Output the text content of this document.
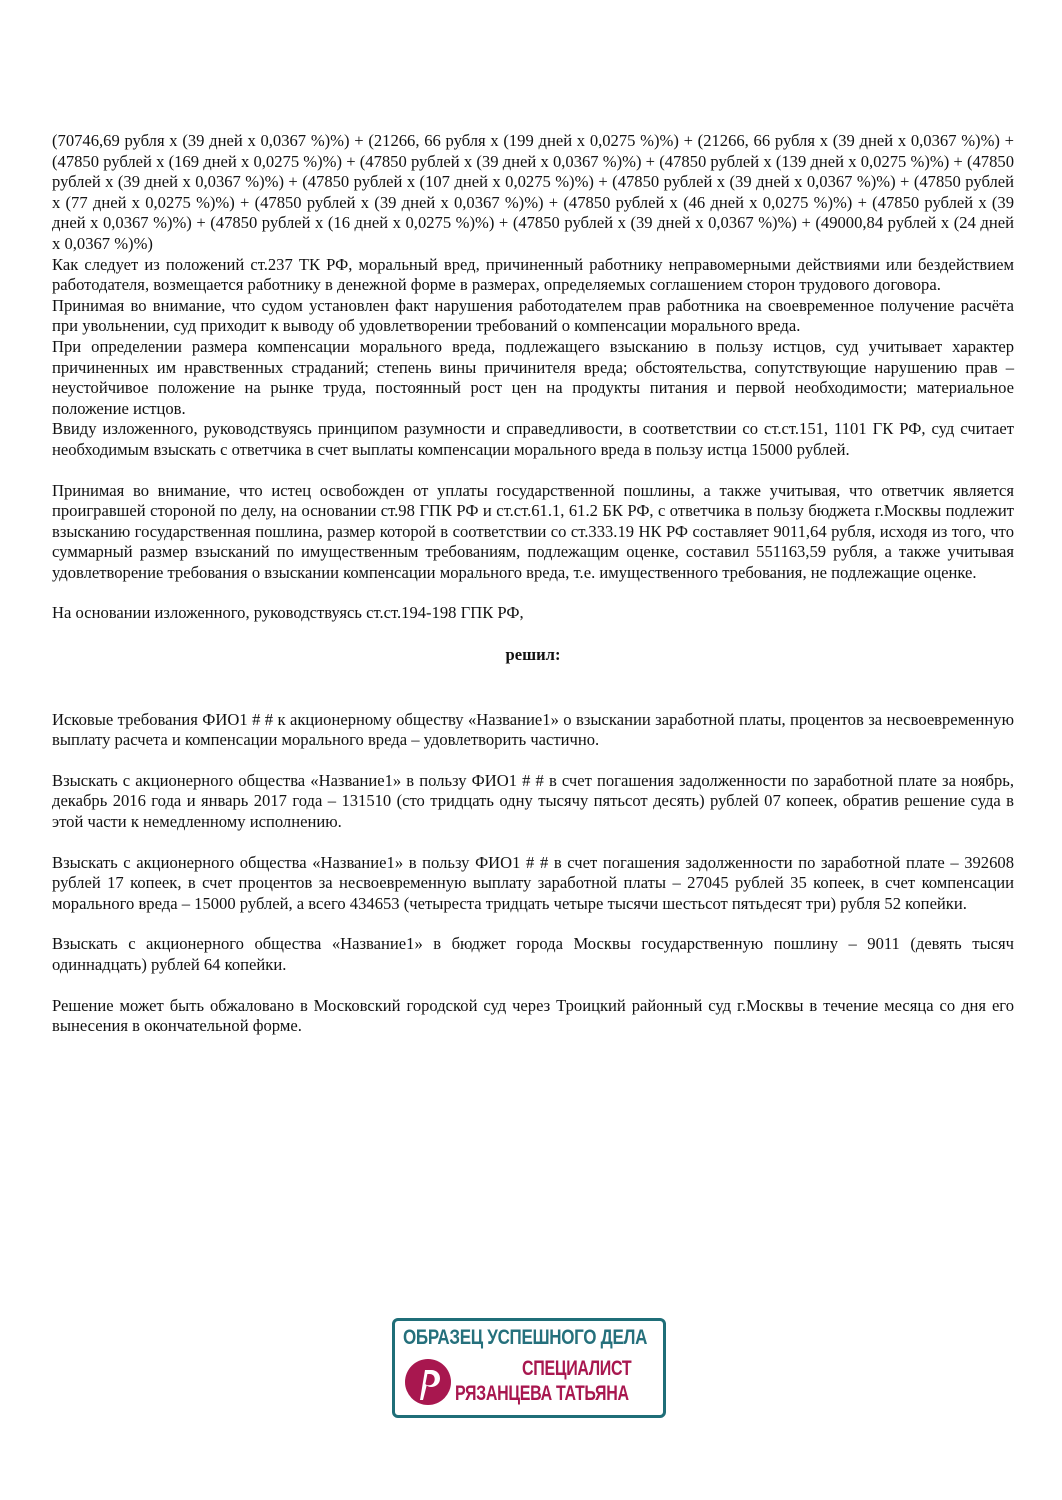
(70746,69 рубля х (39 дней х 0,0367 %)%) + (21266, 66 рубля х (199 дней х 0,0275 %)%) + (21266, 66 рубля х (39 дней х 0,0367 %)%) + (47850 рублей х (169 дней х 0,0275 %)%) + (47850 рублей х (39 дней х 0,0367 %)%) + (47850 рублей х (139 дней х 0,0275 %)%) + (47850 рублей х (39 дней х 0,0367 %)%) + (47850 рублей х (107 дней х 0,0275 %)%) + (47850 рублей х (39 дней х 0,0367 %)%) + (47850 рублей х (77 дней х 0,0275 %)%) + (47850 рублей х (39 дней х 0,0367 %)%) + (47850 рублей х (46 дней х 0,0275 %)%) + (47850 рублей х (39 дней х 0,0367 %)%) + (47850 рублей х (16 дней х 0,0275 %)%) + (47850 рублей х (39 дней х 0,0367 %)%) + (49000,84 рублей х (24 дней х 0,0367 %)%)

Как следует из положений ст.237 ТК РФ, моральный вред, причиненный работнику неправомерными действиями или бездействием работодателя, возмещается работнику в денежной форме в размерах, определяемых соглашением сторон трудового договора.

Принимая во внимание, что судом установлен факт нарушения работодателем прав работника на своевременное получение расчёта при увольнении, суд приходит к выводу об удовлетворении требований о компенсации морального вреда.

При определении размера компенсации морального вреда, подлежащего взысканию в пользу истцов, суд учитывает характер причиненных им нравственных страданий; степень вины причинителя вреда; обстоятельства, сопутствующие нарушению прав – неустойчивое положение на рынке труда, постоянный рост цен на продукты питания и первой необходимости; материальное положение истцов.

Ввиду изложенного, руководствуясь принципом разумности и справедливости, в соответствии со ст.ст.151, 1101 ГК РФ, суд считает необходимым взыскать с ответчика в счет выплаты компенсации морального вреда в пользу истца 15000 рублей.

Принимая во внимание, что истец освобожден от уплаты государственной пошлины, а также учитывая, что ответчик является проигравшей стороной по делу, на основании ст.98 ГПК РФ и ст.ст.61.1, 61.2 БК РФ, с ответчика в пользу бюджета г.Москвы подлежит взысканию государственная пошлина, размер которой в соответствии со ст.333.19 НК РФ составляет 9011,64 рубля, исходя из того, что суммарный размер взысканий по имущественным требованиям, подлежащим оценке, составил 551163,59 рубля, а также учитывая удовлетворение требования о взыскании компенсации морального вреда, т.е. имущественного требования, не подлежащие оценке.

На основании изложенного, руководствуясь ст.ст.194-198 ГПК РФ,

решил:

Исковые требования ФИО1 # # к акционерному обществу «Название1» о взыскании заработной платы, процентов за несвоевременную выплату расчета и компенсации морального вреда – удовлетворить частично.

Взыскать с акционерного общества «Название1» в пользу ФИО1 # # в счет погашения задолженности по заработной плате за ноябрь, декабрь 2016 года и январь 2017 года – 131510 (сто тридцать одну тысячу пятьсот десять) рублей 07 копеек, обратив решение суда в этой части к немедленному исполнению.

Взыскать с акционерного общества «Название1» в пользу ФИО1 # # в счет погашения задолженности по заработной плате – 392608 рублей 17 копеек, в счет процентов за несвоевременную выплату заработной платы – 27045 рублей 35 копеек, в счет компенсации морального вреда – 15000 рублей, а всего 434653 (четыреста тридцать четыре тысячи шестьсот пятьдесят три) рубля 52 копейки.

Взыскать с акционерного общества «Название1» в бюджет города Москвы государственную пошлину – 9011 (девять тысяч одиннадцать) рублей 64 копейки.

Решение может быть обжаловано в Московский городской суд через Троицкий районный суд г.Москвы в течение месяца со дня его вынесения в окончательной форме.

ОБРАЗЕЦ УСПЕШНОГО ДЕЛА
СПЕЦИАЛИСТ
РЯЗАНЦЕВА ТАТЬЯНА
